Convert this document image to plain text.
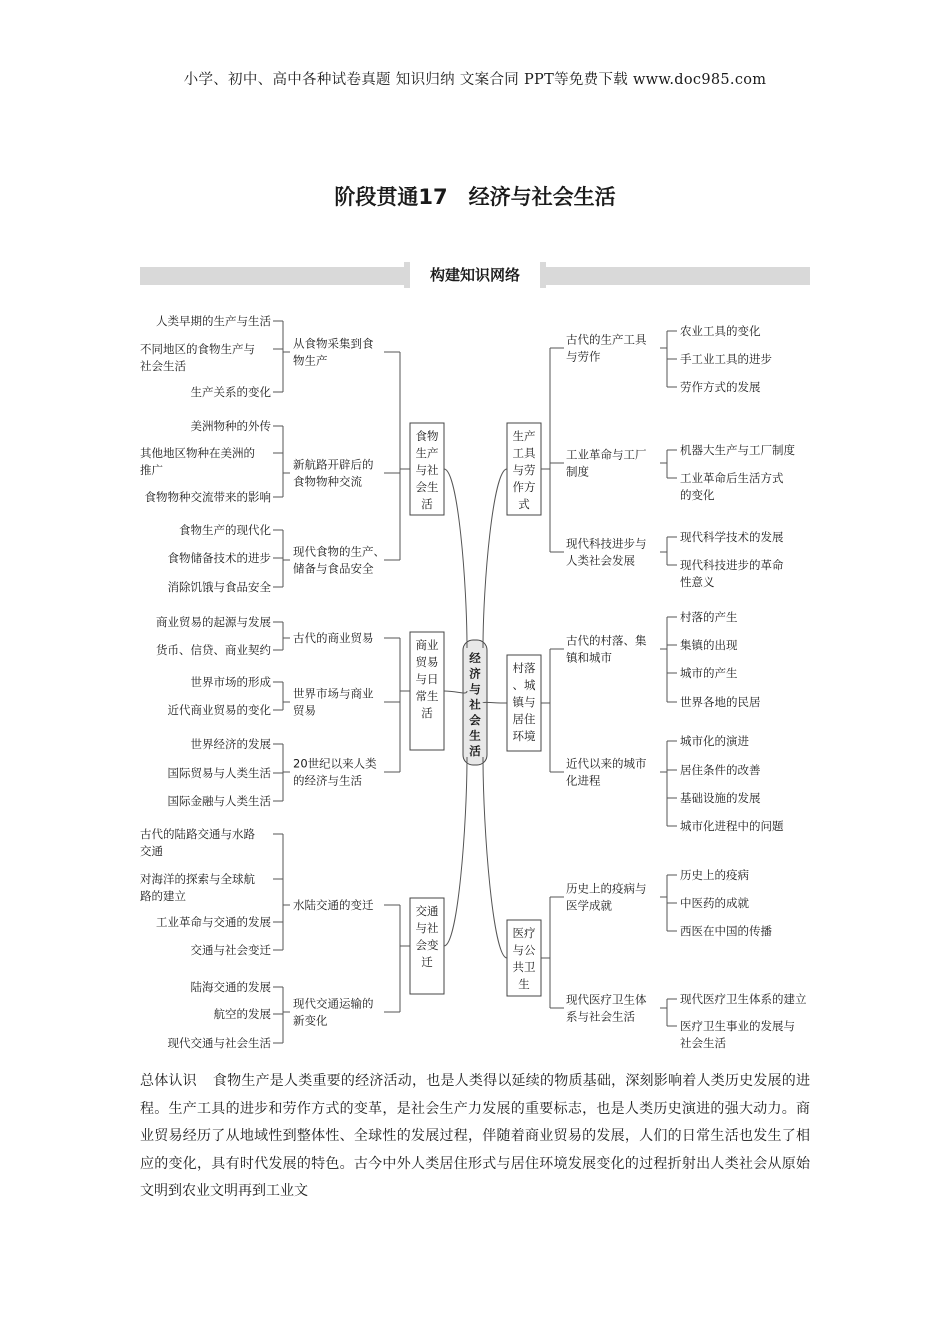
小学、初中、高中各种试卷真题 知识归纳 文案合同 PPT等免费下载 www.doc985.com
阶段贯通17　经济与社会生活
构建知识网络
经济与社会生活
食物生产与社会生活
从食物采集到食物生产
人类早期的生产与生活
不同地区的食物生产与社会生活
生产关系的变化
新航路开辟后的食物物种交流
美洲物种的外传
其他地区物种在美洲的推广
食物物种交流带来的影响
现代食物的生产、储备与食品安全
食物生产的现代化
食物储备技术的进步
消除饥饿与食品安全
商业贸易与日常生活
古代的商业贸易
商业贸易的起源与发展
货币、信贷、商业契约
世界市场与商业贸易
世界市场的形成
近代商业贸易的变化
20世纪以来人类的经济与生活
世界经济的发展
国际贸易与人类生活
国际金融与人类生活
交通与社会变迁
水陆交通的变迁
古代的陆路交通与水路交通
对海洋的探索与全球航路的建立
工业革命与交通的发展
交通与社会变迁
现代交通运输的新变化
陆海交通的发展
航空的发展
现代交通与社会生活
生产工具与劳作方式
古代的生产工具与劳作
农业工具的变化
手工业工具的进步
劳作方式的发展
工业革命与工厂制度
机器大生产与工厂制度
工业革命后生活方式的变化
现代科技进步与人类社会发展
现代科学技术的发展
现代科技进步的革命性意义
村落、城镇与居住环境
古代的村落、集镇和城市
村落的产生
集镇的出现
城市的产生
世界各地的民居
近代以来的城市化进程
城市化的演进
居住条件的改善
基础设施的发展
城市化进程中的问题
医疗与公共卫生
历史上的疫病与医学成就
历史上的疫病
中医药的成就
西医在中国的传播
现代医疗卫生体系与社会生活
现代医疗卫生体系的建立
医疗卫生事业的发展与社会生活
总体认识 食物生产是人类重要的经济活动，也是人类得以延续的物质基础，深刻影响着人类历史发展的进程。生产工具的进步和劳作方式的变革，是社会生产力发展的重要标志，也是人类历史演进的强大动力。商业贸易经历了从地域性到整体性、全球性的发展过程，伴随着商业贸易的发展，人们的日常生活也发生了相应的变化，具有时代发展的特色。古今中外人类居住形式与居住环境发展变化的过程折射出人类社会从原始文明到农业文明再到工业文
